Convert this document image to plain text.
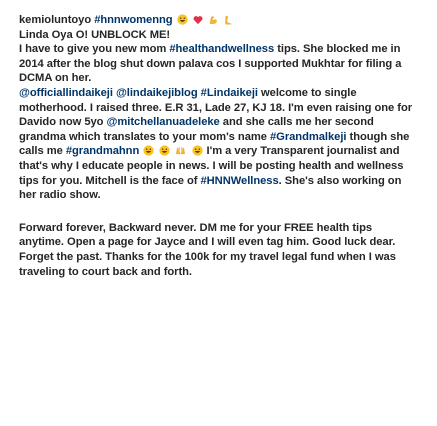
kemioluntoyo #hnnwomenng

Linda Oya O! UNBLOCK ME!
I have to give you new mom #healthandwellness tips. She blocked me in 2014 after the blog shut down palava cos I supported Mukhtar for filing a DCMA on her.

@officiallindaikeji @lindaikejiblog #Lindaikeji welcome to single motherhood. I raised three. E.R 31, Lade 27, KJ 18. I'm even raising one for Davido now 5yo @mitchellanuadeleke and she calls me her second grandma which translates to your mom's name #Grandmalkeji though she calls me #grandmahnn

	I'm a very Transparent journalist and that's why I educate people in news. I will be posting health and wellness tips for you. Mitchell is the face of #HNNWellness. She's also working on her radio show.

Forward forever, Backward never. DM me for your FREE health tips anytime. Open a page for Jayce and I will even tag him. Good luck dear. Forget the past. Thanks for the 100k for my travel legal fund when I was traveling to court back and forth.
